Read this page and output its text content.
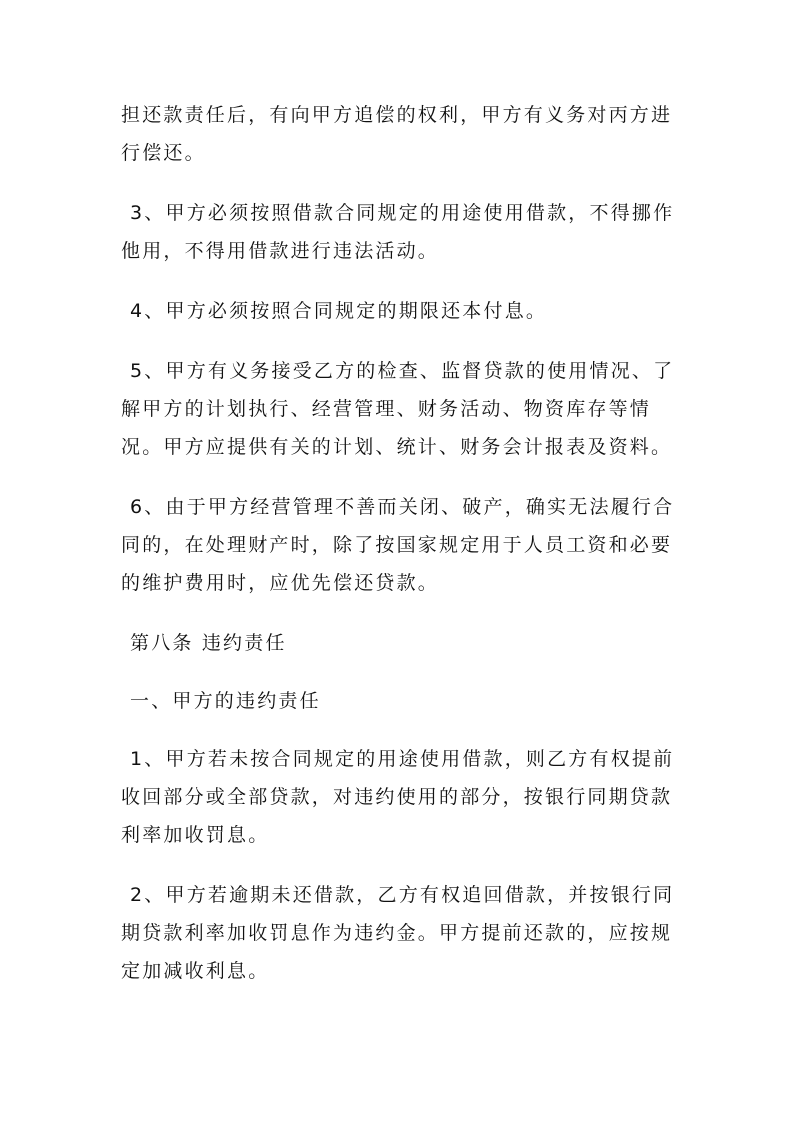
担还款责任后，有向甲方追偿的权利，甲方有义务对丙方进行偿还。

3、甲方必须按照借款合同规定的用途使用借款，不得挪作他用，不得用借款进行违法活动。

4、甲方必须按照合同规定的期限还本付息。

5、甲方有义务接受乙方的检查、监督贷款的使用情况、了解甲方的计划执行、经营管理、财务活动、物资库存等情况。甲方应提供有关的计划、统计、财务会计报表及资料。

6、由于甲方经营管理不善而关闭、破产，确实无法履行合同的，在处理财产时，除了按国家规定用于人员工资和必要的维护费用时，应优先偿还贷款。

第八条 违约责任

一、甲方的违约责任

1、甲方若未按合同规定的用途使用借款，则乙方有权提前收回部分或全部贷款，对违约使用的部分，按银行同期贷款利率加收罚息。

2、甲方若逾期未还借款，乙方有权追回借款，并按银行同期贷款利率加收罚息作为违约金。甲方提前还款的，应按规定加减收利息。
